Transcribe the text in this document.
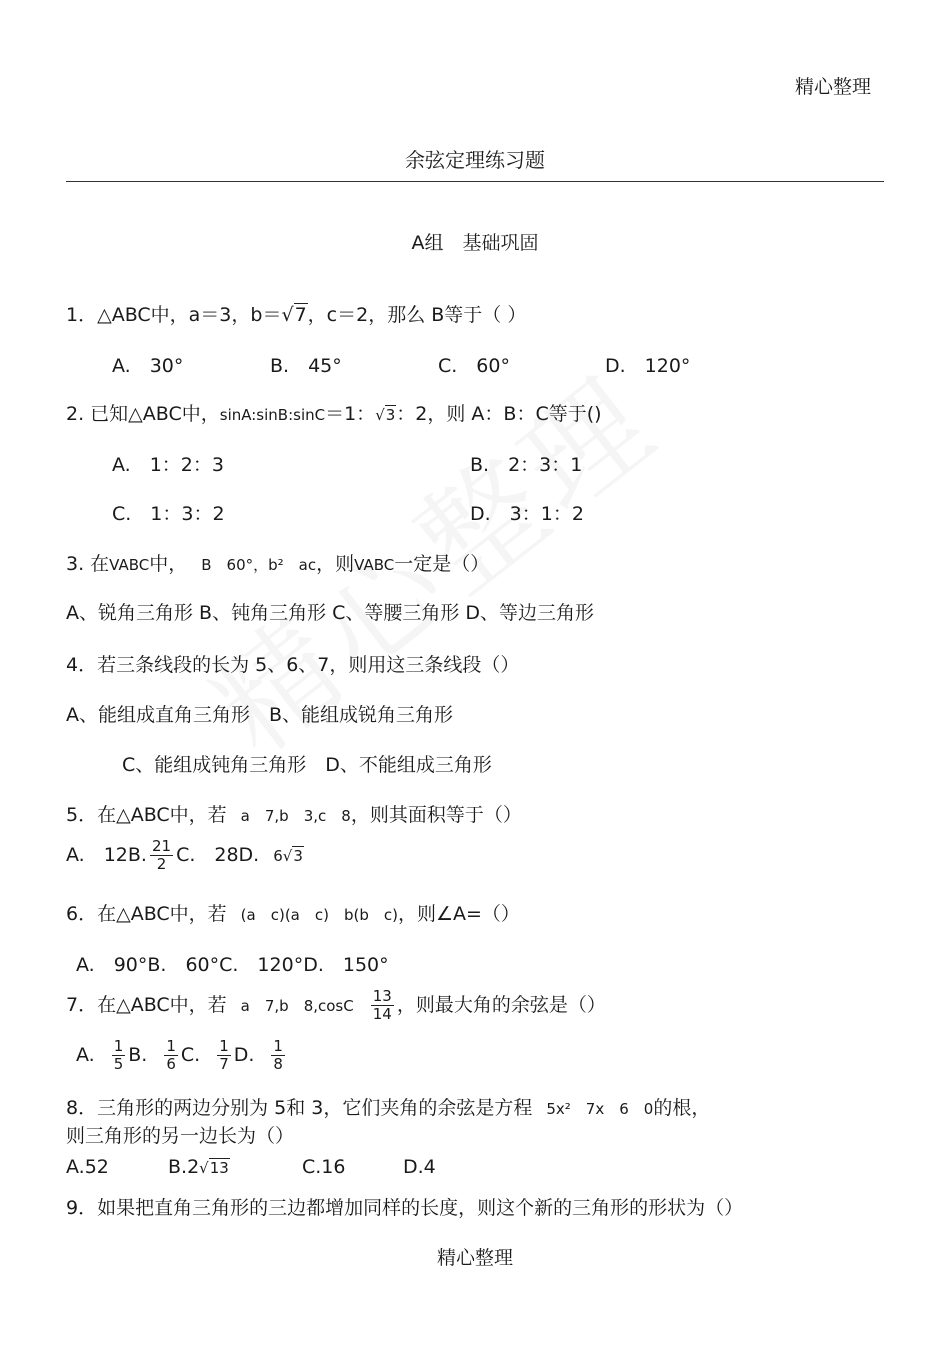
精心整理
余弦定理练习题
A组　基础巩固
1．△ABC中，a＝3，b＝√7，c＝2，那么 B等于（ ）
A.　30°	B.　45°	C.　60°	D.　120°
2. 已知△ABC中，sinA:sinB:sinC＝1：√3：2，则 A：B：C等于()
A.　1：2：3	B.　2：3：1
C.　1：3：2	D.　3：1：2
3. 在VABC中， B　60°，b²　ac，则VABC一定是（）
A、锐角三角形 B、钝角三角形 C、等腰三角形 D、等边三角形
4．若三条线段的长为 5、6、7，则用这三条线段（）
A、能组成直角三角形　B、能组成锐角三角形
C、能组成钝角三角形　D、不能组成三角形
5．在△ABC中，若 a　7,b　3,c　8，则其面积等于（）
A.　12B. $\frac{21}{2} C$.　28D. 6√3
6．在△ABC中，若 (a　c)(a　c)　b(b　c)，则∠A=（）
A.　90°B.　60°C.　120°D.　150°
7．在△ABC中，若 a　7,b　$8,\cos C \frac{13}{14}$ ，则最大角的余弦是（）
A. $\frac{1}{5} B$. $\frac{1}{6} C$. $\frac{1}{7} D$. $\frac{1}{8}$
8．三角形的两边分别为 5和 3，它们夹角的余弦是方程 5x²　7x　6　0的根，
则三角形的另一边长为（）
A.52	B.2√13	C.16	D.4
9．如果把直角三角形的三边都增加同样的长度，则这个新的三角形的形状为（）
精心整理
